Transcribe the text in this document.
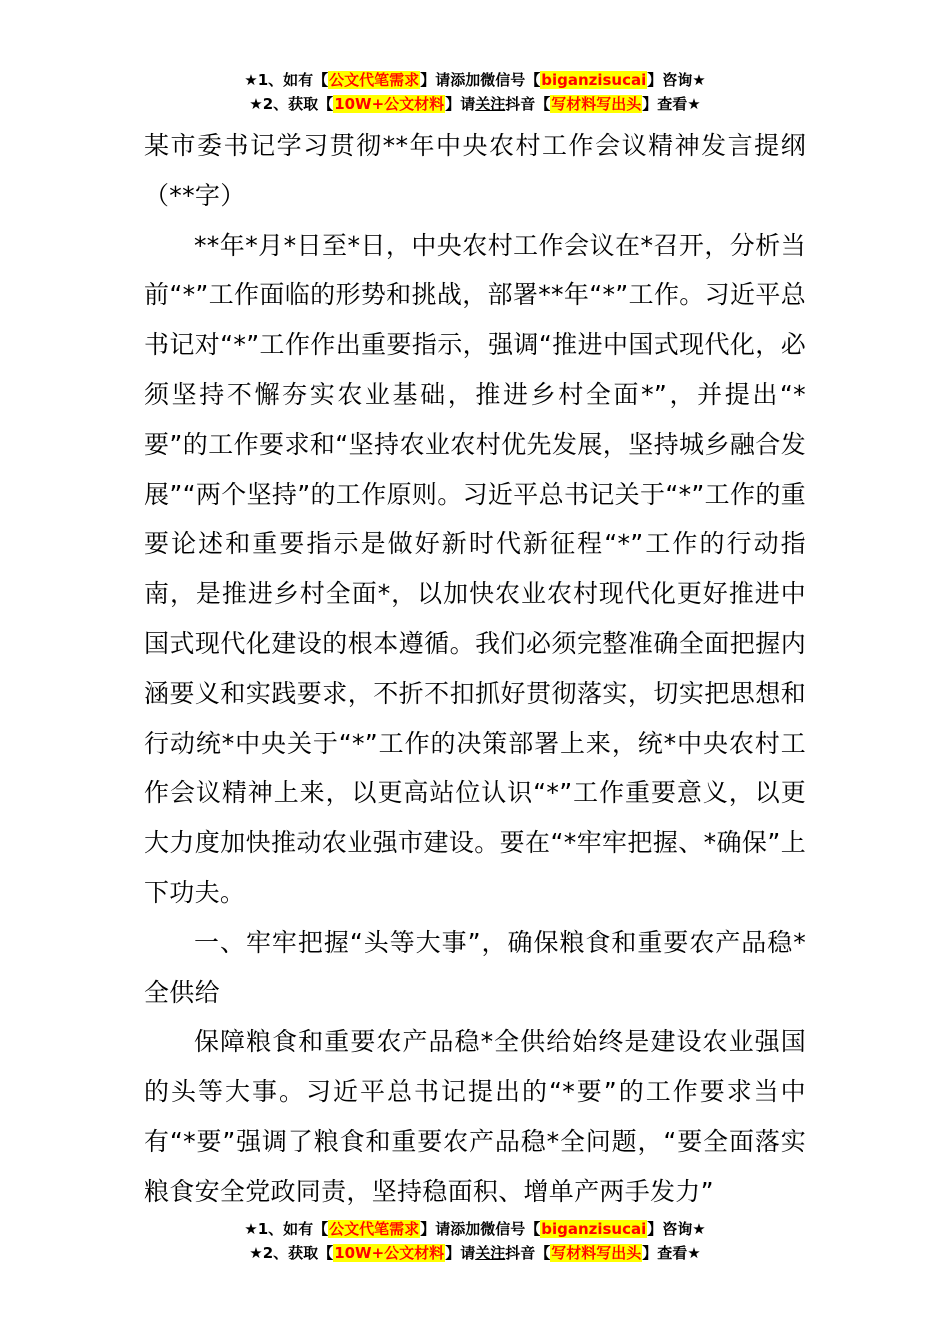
★1、如有【公文代笔需求】请添加微信号【biganzisucai】咨询★
★2、获取【10W+公文材料】请关注抖音【写材料写出头】查看★

某市委书记学习贯彻**年中央农村工作会议精神发言提纲（**字）

**年*月*日至*日，中央农村工作会议在*召开，分析当前“*”工作面临的形势和挑战，部署**年“*”工作。习近平总书记对“*”工作作出重要指示，强调“推进中国式现代化，必须坚持不懈夯实农业基础，推进乡村全面*”，并提出“*要”的工作要求和“坚持农业农村优先发展，坚持城乡融合发展”“两个坚持”的工作原则。习近平总书记关于“*”工作的重要论述和重要指示是做好新时代新征程“*”工作的行动指南，是推进乡村全面*，以加快农业农村现代化更好推进中国式现代化建设的根本遵循。我们必须完整准确全面把握内涵要义和实践要求，不折不扣抓好贯彻落实，切实把思想和行动统*中央关于“*”工作的决策部署上来，统*中央农村工作会议精神上来，以更高站位认识“*”工作重要意义，以更大力度加快推动农业强市建设。要在“*牢牢把握、*确保”上下功夫。

一、牢牢把握“头等大事”，确保粮食和重要农产品稳*全供给

保障粮食和重要农产品稳*全供给始终是建设农业强国的头等大事。习近平总书记提出的“*要”的工作要求当中有“*要”强调了粮食和重要农产品稳*全问题，“要全面落实粮食安全党政同责，坚持稳面积、增单产两手发力”

★1、如有【公文代笔需求】请添加微信号【biganzisucai】咨询★
★2、获取【10W+公文材料】请关注抖音【写材料写出头】查看★
